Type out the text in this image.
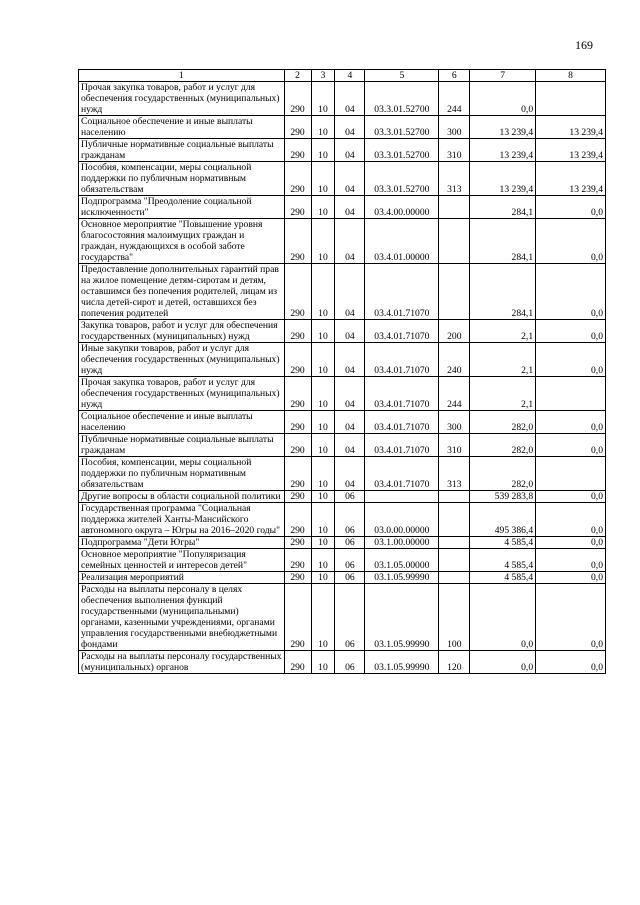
169
1	2	3	4	5	6	7	8
Прочая закупка товаров, работ и услуг для обеспечения государственных (муниципальных) нужд	290	10	04	03.3.01.52700	244	0,0	
Социальное обеспечение и иные выплаты населению	290	10	04	03.3.01.52700	300	13 239,4	13 239,4
Публичные нормативные социальные выплаты гражданам	290	10	04	03.3.01.52700	310	13 239,4	13 239,4
Пособия, компенсации, меры социальной поддержки по публичным нормативным обязательствам	290	10	04	03.3.01.52700	313	13 239,4	13 239,4
Подпрограмма "Преодоление социальной исключенности"	290	10	04	03.4.00.00000		284,1	0,0
Основное мероприятие "Повышение уровня благосостояния малоимущих граждан и граждан, нуждающихся в особой заботе государства"	290	10	04	03.4.01.00000		284,1	0,0
Предоставление дополнительных гарантий прав на жилое помещение детям-сиротам и детям, оставшимся без попечения родителей, лицам из числа детей-сирот и детей, оставшихся без попечения родителей	290	10	04	03.4.01.71070		284,1	0,0
Закупка товаров, работ и услуг для обеспечения государственных (муниципальных) нужд	290	10	04	03.4.01.71070	200	2,1	0,0
Иные закупки товаров, работ и услуг для обеспечения государственных (муниципальных) нужд	290	10	04	03.4.01.71070	240	2,1	0,0
Прочая закупка товаров, работ и услуг для обеспечения государственных (муниципальных) нужд	290	10	04	03.4.01.71070	244	2,1	
Социальное обеспечение и иные выплаты населению	290	10	04	03.4.01.71070	300	282,0	0,0
Публичные нормативные социальные выплаты гражданам	290	10	04	03.4.01.71070	310	282,0	0,0
Пособия, компенсации, меры социальной поддержки по публичным нормативным обязательствам	290	10	04	03.4.01.71070	313	282,0	
Другие вопросы в области социальной политики	290	10	06			539 283,8	0,0
Государственная программа "Социальная поддержка жителей Ханты-Мансийского автономного округа – Югры на 2016–2020 годы"	290	10	06	03.0.00.00000		495 386,4	0,0
Подпрограмма "Дети Югры"	290	10	06	03.1.00.00000		4 585,4	0,0
Основное мероприятие "Популяризация семейных ценностей и интересов детей"	290	10	06	03.1.05.00000		4 585,4	0,0
Реализация мероприятий	290	10	06	03.1.05.99990		4 585,4	0,0
Расходы на выплаты персоналу в целях обеспечения выполнения функций государственными (муниципальными) органами, казенными учреждениями, органами управления государственными внебюджетными фондами	290	10	06	03.1.05.99990	100	0,0	0,0
Расходы на выплаты персоналу государственных (муниципальных) органов	290	10	06	03.1.05.99990	120	0,0	0,0
